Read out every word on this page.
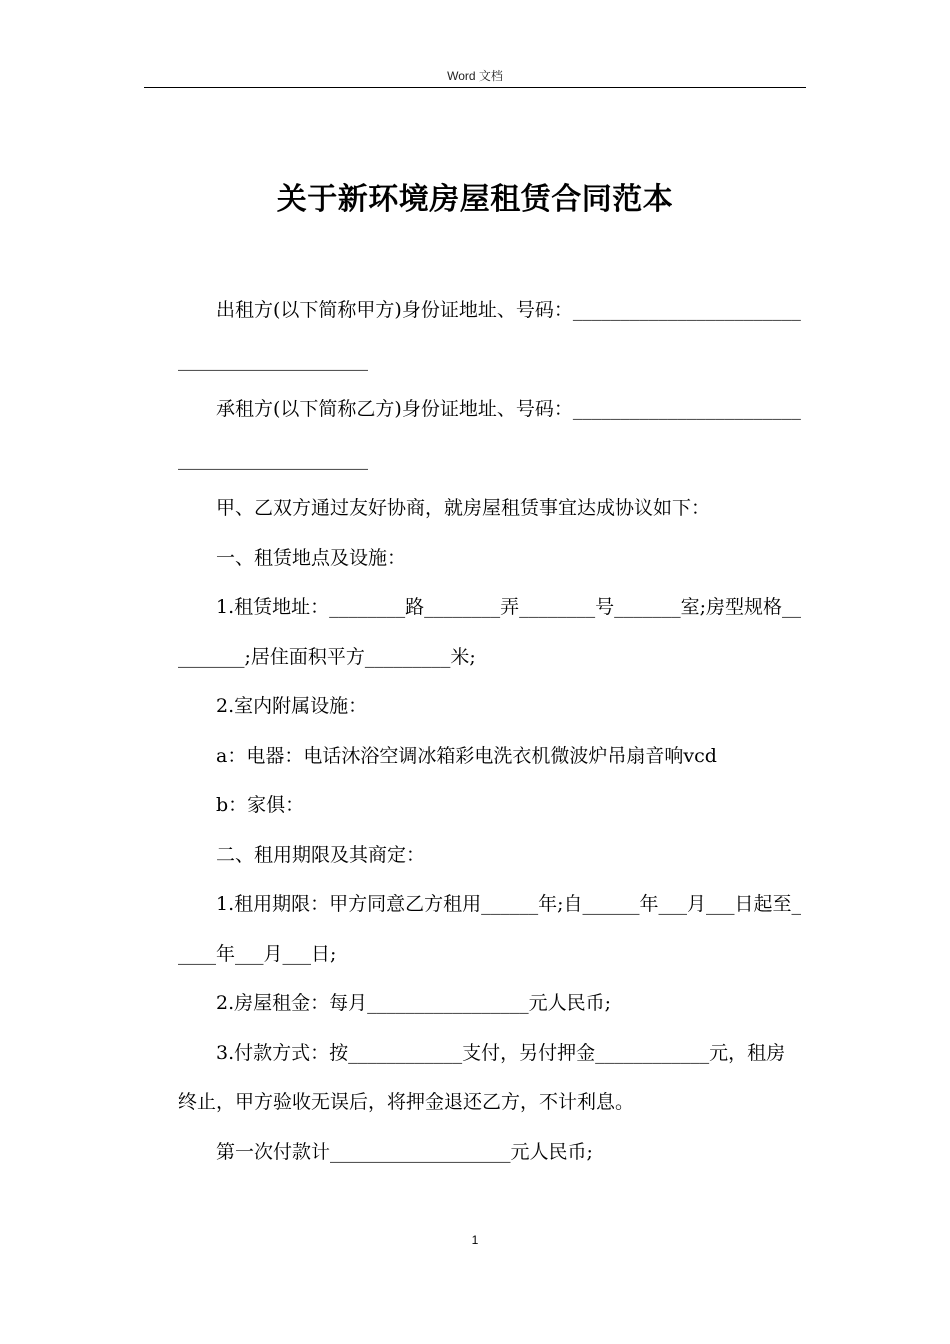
Word 文档
关于新环境房屋租赁合同范本

出租方(以下简称甲方)身份证地址、号码：____________________________________________

承租方(以下简称乙方)身份证地址、号码：____________________________________________

甲、乙双方通过友好协商，就房屋租赁事宜达成协议如下：

一、租赁地点及设施：

1.租赁地址：________路________弄________号_______室;房型规格_________;居住面积平方_________米;

2.室内附属设施：

a：电器：电话沐浴空调冰箱彩电洗衣机微波炉吊扇音响vcd

b：家俱：

二、租用期限及其商定：

1.租用期限：甲方同意乙方租用______年;自______年___月___日起至_____年___月___日;

2.房屋租金：每月_________________元人民币;

3.付款方式：按____________支付，另付押金____________元，租房终止，甲方验收无误后，将押金退还乙方，不计利息。

第一次付款计___________________元人民币;

1
